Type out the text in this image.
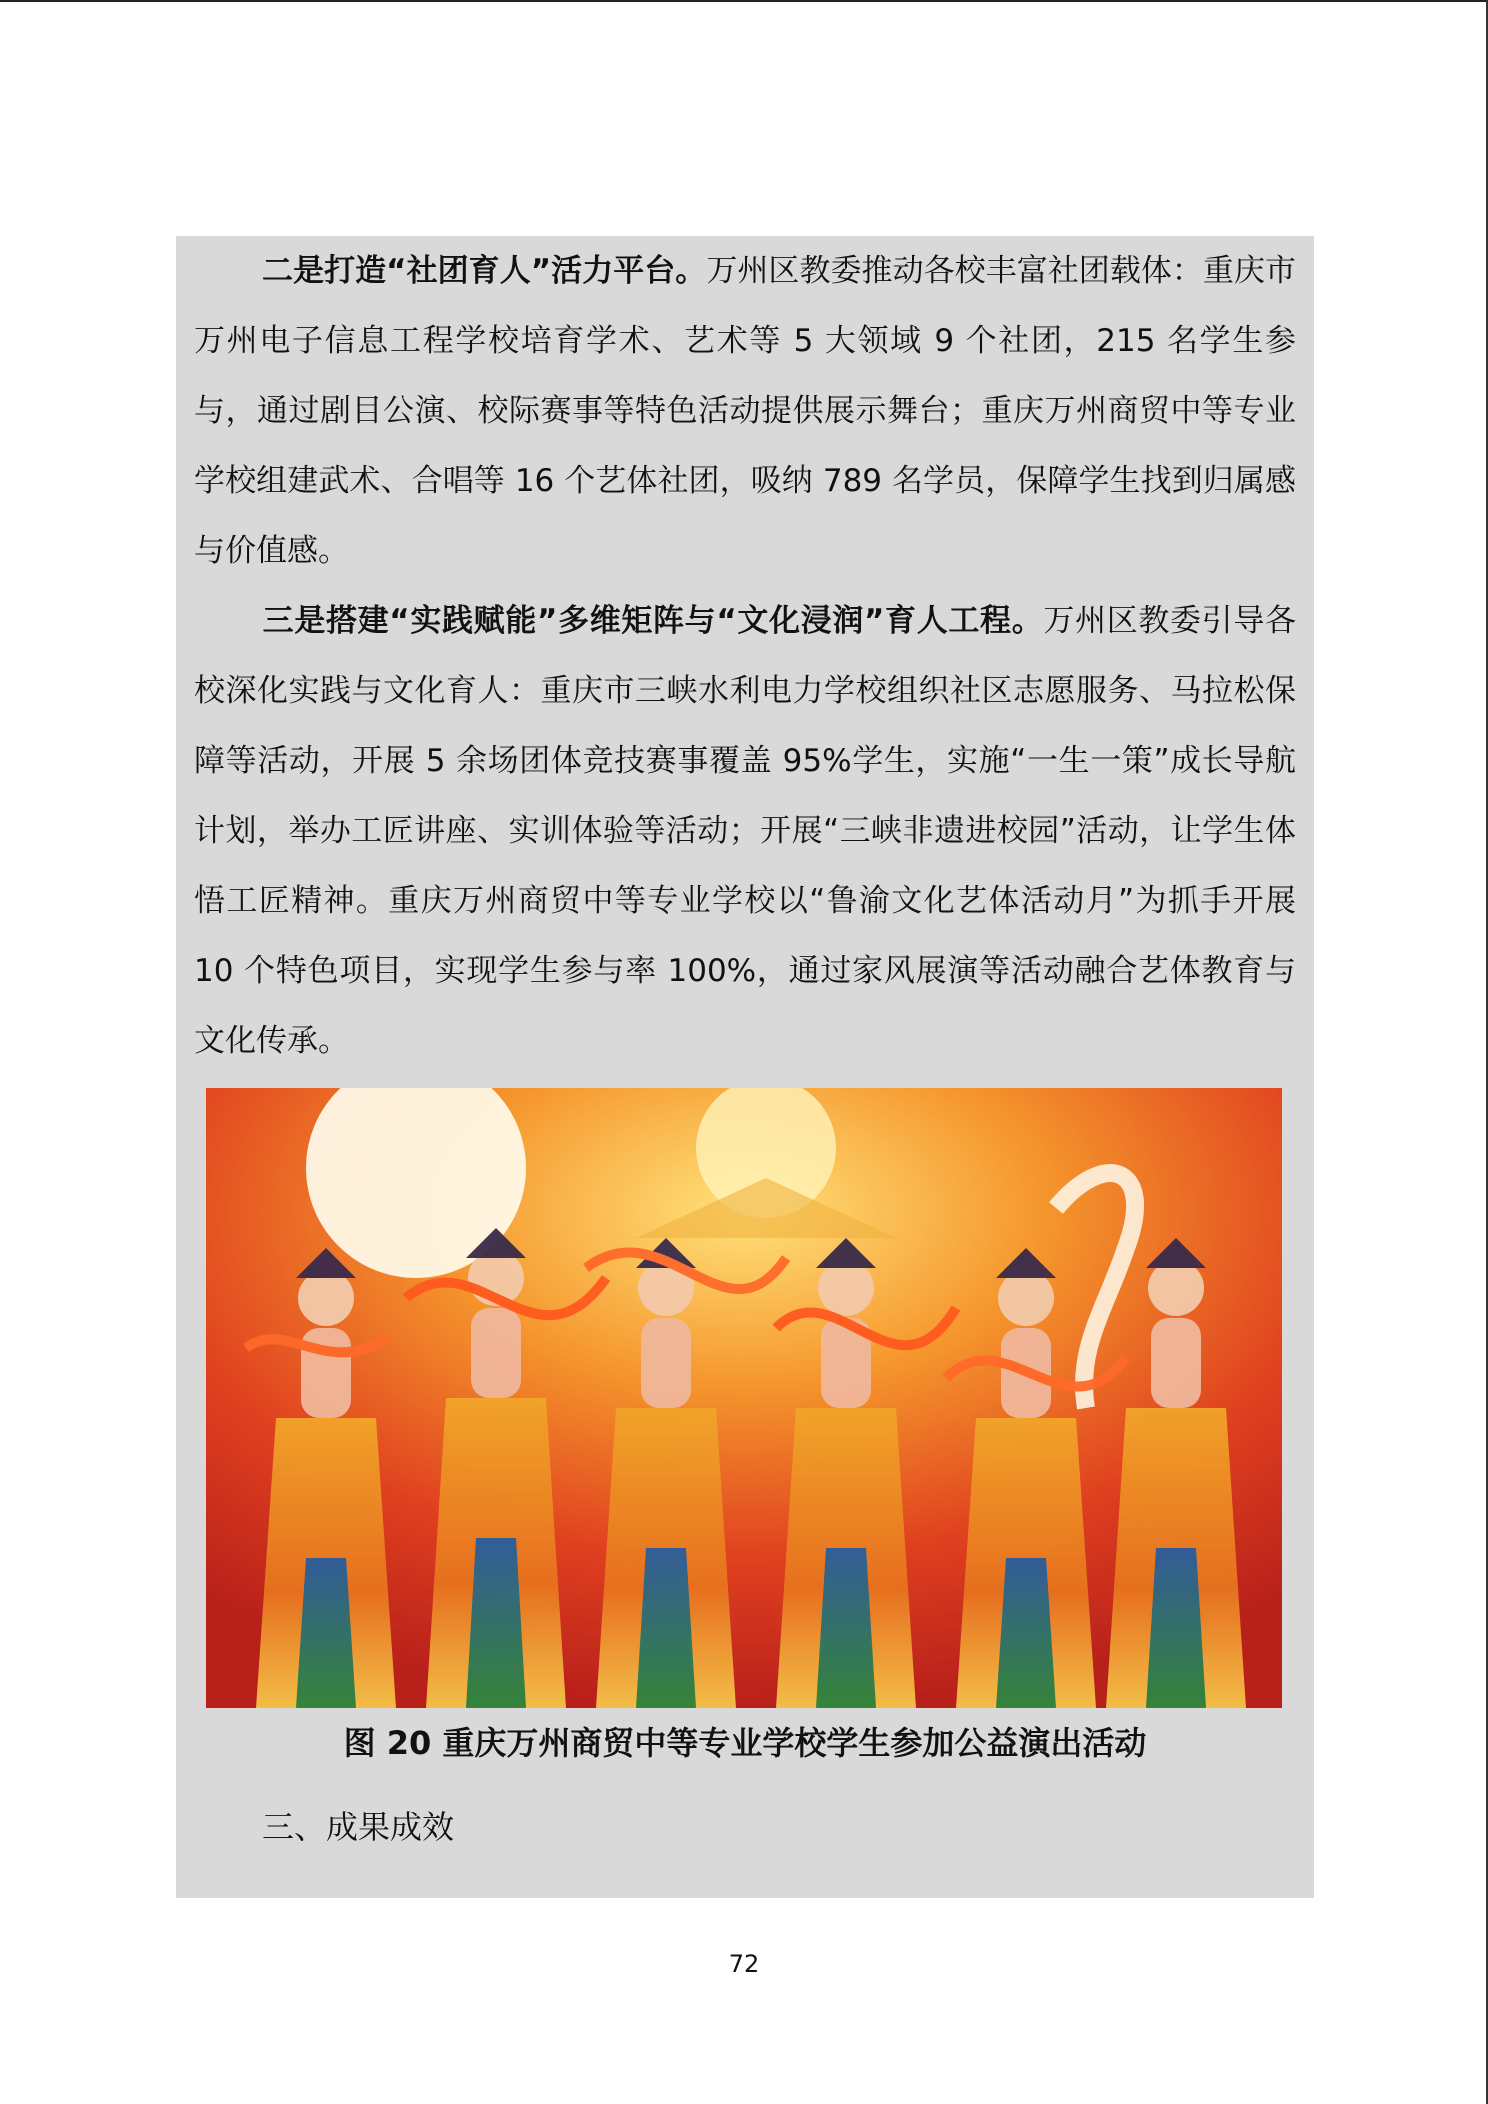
二是打造“社团育人”活力平台。万州区教委推动各校丰富社团载体：重庆市万州电子信息工程学校培育学术、艺术等 5 大领域 9 个社团，215 名学生参与，通过剧目公演、校际赛事等特色活动提供展示舞台；重庆万州商贸中等专业学校组建武术、合唱等 16 个艺体社团，吸纳 789 名学员，保障学生找到归属感与价值感。

三是搭建“实践赋能”多维矩阵与“文化浸润”育人工程。万州区教委引导各校深化实践与文化育人：重庆市三峡水利电力学校组织社区志愿服务、马拉松保障等活动，开展 5 余场团体竞技赛事覆盖 95%学生，实施“一生一策”成长导航计划，举办工匠讲座、实训体验等活动；开展“三峡非遗进校园”活动，让学生体悟工匠精神。重庆万州商贸中等专业学校以“鲁渝文化艺体活动月”为抓手开展 10 个特色项目，实现学生参与率 100%，通过家风展演等活动融合艺体教育与文化传承。

图 20 重庆万州商贸中等专业学校学生参加公益演出活动
三、成果成效
72
